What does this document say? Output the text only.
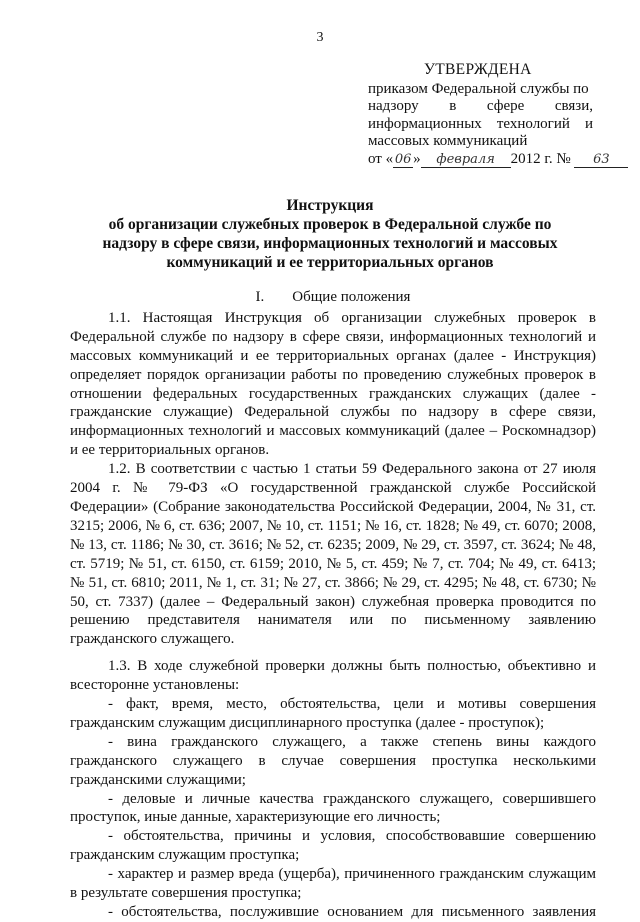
3
УТВЕРЖДЕНА
приказом Федеральной службы по
надзору в сфере связи,
информационных технологий и
массовых коммуникаций
от « 06 » февраля 2012 г. № 63
Инструкция
об организации служебных проверок в Федеральной службе по
надзору в сфере связи, информационных технологий и массовых
коммуникаций и ее территориальных органов
I. Общие положения

1.1. Настоящая Инструкция об организации служебных проверок в Федеральной службе по надзору в сфере связи, информационных технологий и массовых коммуникаций и ее территориальных органах (далее - Инструкция) определяет порядок организации работы по проведению служебных проверок в отношении федеральных государственных гражданских служащих (далее - гражданские служащие) Федеральной службы по надзору в сфере связи, информационных технологий и массовых коммуникаций (далее – Роскомнадзор) и ее территориальных органов.

1.2. В соответствии с частью 1 статьи 59 Федерального закона от 27 июля 2004 г. № 79-ФЗ «О государственной гражданской службе Российской Федерации» (Собрание законодательства Российской Федерации, 2004, № 31, ст. 3215; 2006, № 6, ст. 636; 2007, № 10, ст. 1151; № 16, ст. 1828; № 49, ст. 6070; 2008, № 13, ст. 1186; № 30, ст. 3616; № 52, ст. 6235; 2009, № 29, ст. 3597, ст. 3624; № 48, ст. 5719; № 51, ст. 6150, ст. 6159; 2010, № 5, ст. 459; № 7, ст. 704; № 49, ст. 6413; № 51, ст. 6810; 2011, № 1, ст. 31; № 27, ст. 3866; № 29, ст. 4295; № 48, ст. 6730; № 50, ст. 7337) (далее – Федеральный закон) служебная проверка проводится по решению представителя нанимателя или по письменному заявлению гражданского служащего.

1.3. В ходе служебной проверки должны быть полностью, объективно и всесторонне установлены:

- факт, время, место, обстоятельства, цели и мотивы совершения гражданским служащим дисциплинарного проступка (далее - проступок);

- вина гражданского служащего, а также степень вины каждого гражданского служащего в случае совершения проступка несколькими гражданскими служащими;

- деловые и личные качества гражданского служащего, совершившего проступок, иные данные, характеризующие его личность;

- обстоятельства, причины и условия, способствовавшие совершению гражданским служащим проступка;

- характер и размер вреда (ущерба), причиненного гражданским служащим в результате совершения проступка;

- обстоятельства, послужившие основанием для письменного заявления
